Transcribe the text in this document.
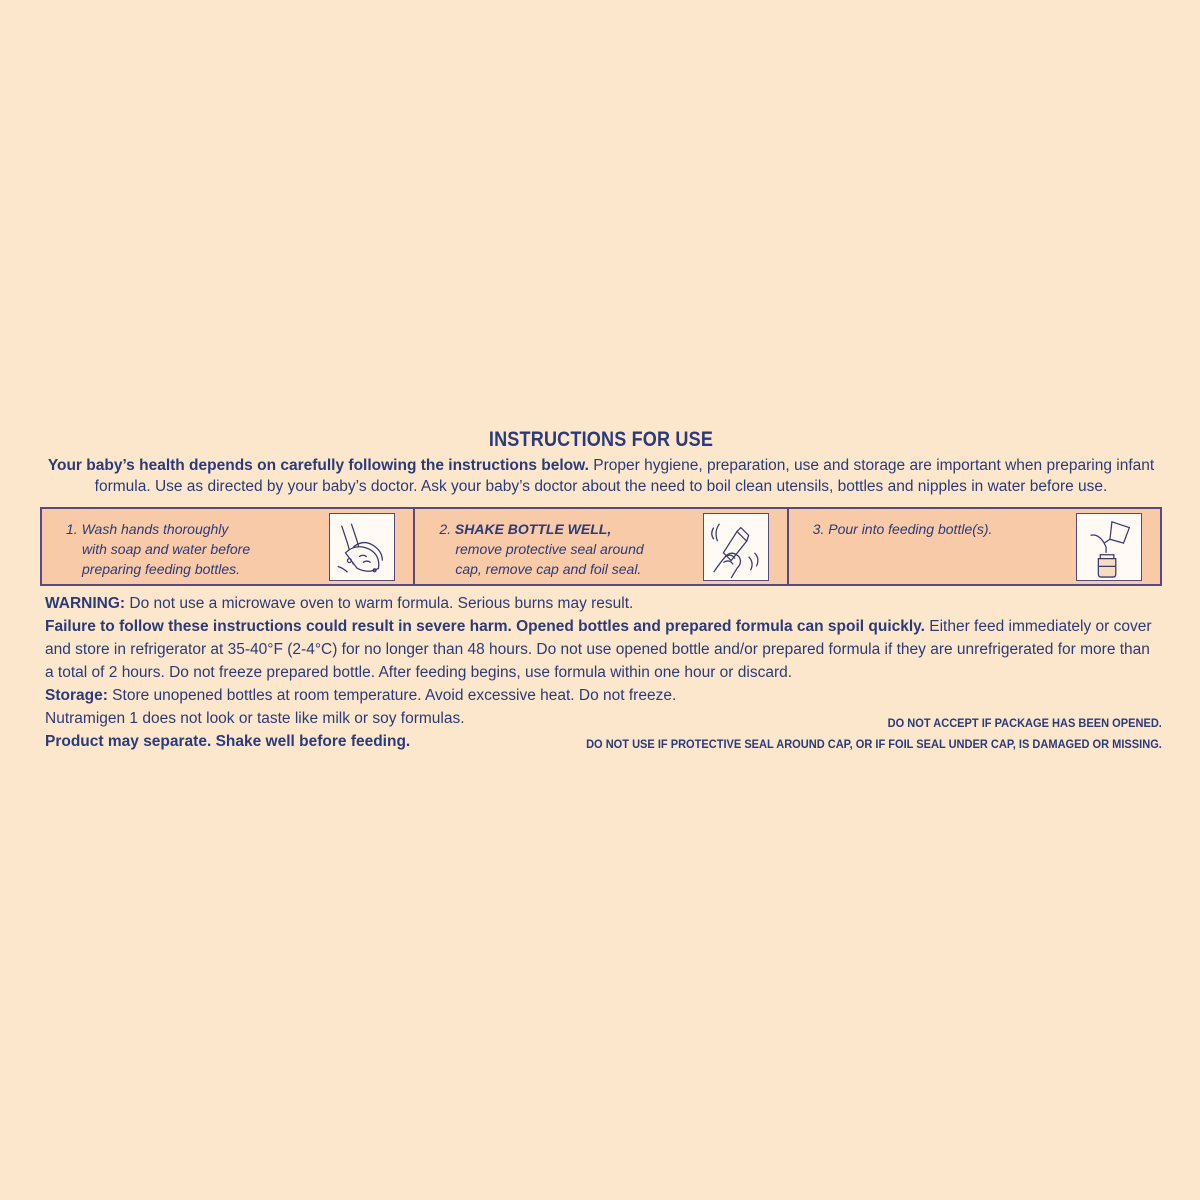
INSTRUCTIONS FOR USE
Your baby’s health depends on carefully following the instructions below. Proper hygiene, preparation, use and storage are important when preparing infant formula. Use as directed by your baby’s doctor. Ask your baby’s doctor about the need to boil clean utensils, bottles and nipples in water before use.
1. Wash hands thoroughly
with soap and water before
preparing feeding bottles.
2. SHAKE BOTTLE WELL,
remove protective seal around
cap, remove cap and foil seal.
3. Pour into feeding bottle(s).

WARNING: Do not use a microwave oven to warm formula. Serious burns may result.

Failure to follow these instructions could result in severe harm. Opened bottles and prepared formula can spoil quickly. Either feed immediately or cover and store in refrigerator at 35-40°F (2-4°C) for no longer than 48 hours. Do not use opened bottle and/or prepared formula if they are unrefrigerated for more than a total of 2 hours. Do not freeze prepared bottle. After feeding begins, use formula within one hour or discard.

Storage: Store unopened bottles at room temperature. Avoid excessive heat. Do not freeze.

Nutramigen 1 does not look or taste like milk or soy formulas.

Product may separate. Shake well before feeding.

DO NOT ACCEPT IF PACKAGE HAS BEEN OPENED.
DO NOT USE IF PROTECTIVE SEAL AROUND CAP, OR IF FOIL SEAL UNDER CAP, IS DAMAGED OR MISSING.
